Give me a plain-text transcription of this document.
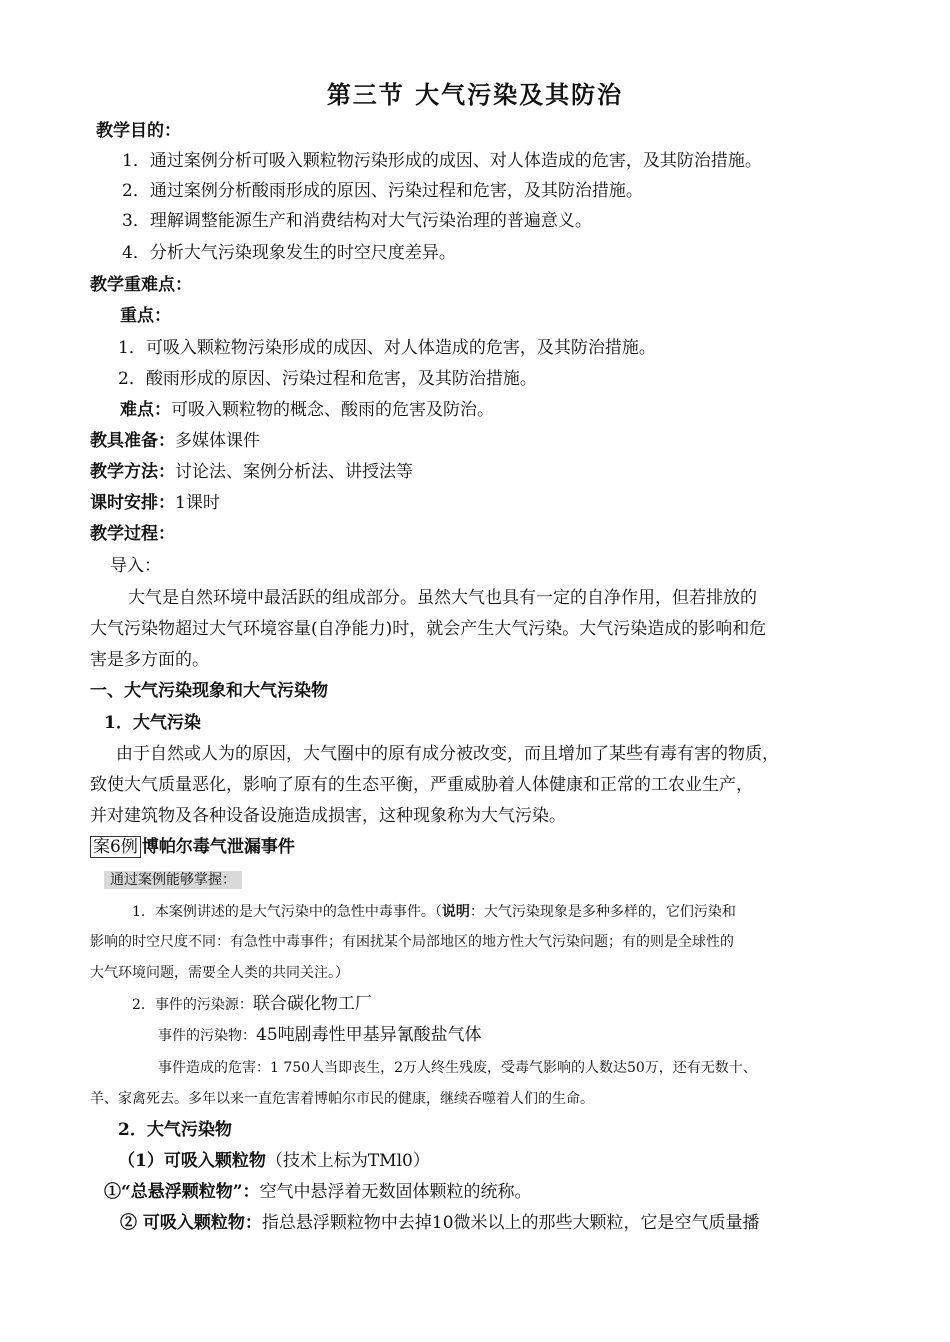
第三节 大气污染及其防治
教学目的：
1．通过案例分析可吸入颗粒物污染形成的成因、对人体造成的危害，及其防治措施。
2．通过案例分析酸雨形成的原因、污染过程和危害，及其防治措施。
3．理解调整能源生产和消费结构对大气污染治理的普遍意义。
4．分析大气污染现象发生的时空尺度差异。
教学重难点：
重点：
1．可吸入颗粒物污染形成的成因、对人体造成的危害，及其防治措施。
2．酸雨形成的原因、污染过程和危害，及其防治措施。
难点：可吸入颗粒物的概念、酸雨的危害及防治。
教具准备：多媒体课件
教学方法：讨论法、案例分析法、讲授法等
课时安排：1课时
教学过程：
导入：
大气是自然环境中最活跃的组成部分。虽然大气也具有一定的自净作用，但若排放的
大气污染物超过大气环境容量(自净能力)时，就会产生大气污染。大气污染造成的影响和危
害是多方面的。
一、大气污染现象和大气污染物
1．大气污染
由于自然或人为的原因，大气圈中的原有成分被改变，而且增加了某些有毒有害的物质，
致使大气质量恶化，影响了原有的生态平衡，严重威胁着人体健康和正常的工农业生产，
并对建筑物及各种设备设施造成损害，这种现象称为大气污染。
案6例 博帕尔毒气泄漏事件
通过案例能够掌握：
1．本案例讲述的是大气污染中的急性中毒事件。（说明：大气污染现象是多种多样的，它们污染和
影响的时空尺度不同：有急性中毒事件；有困扰某个局部地区的地方性大气污染问题；有的则是全球性的
大气环境问题，需要全人类的共同关注。）
2．事件的污染源：联合碳化物工厂
事件的污染物：45吨剧毒性甲基异氰酸盐气体
事件造成的危害：1 750人当即丧生，2万人终生残废，受毒气影响的人数达50万，还有无数十、
羊、家禽死去。多年以来一直危害着博帕尔市民的健康，继续吞噬着人们的生命。
2．大气污染物
（1）可吸入颗粒物（技术上标为TMl0）
①“总悬浮颗粒物”：空气中悬浮着无数固体颗粒的统称。
② 可吸入颗粒物：指总悬浮颗粒物中去掉10微米以上的那些大颗粒，它是空气质量播
